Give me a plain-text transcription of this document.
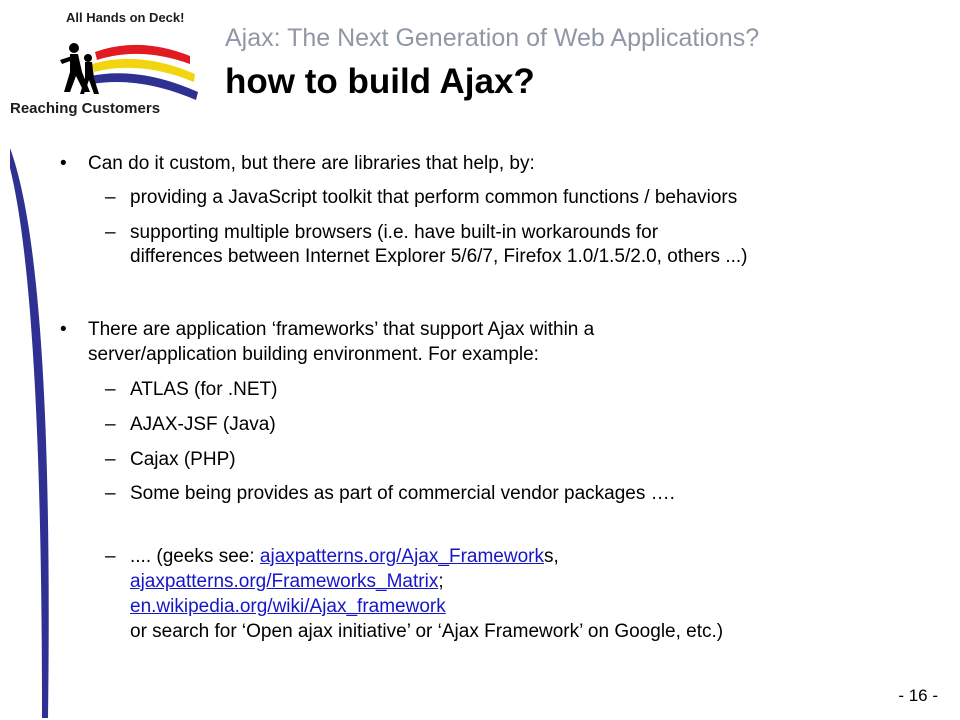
All Hands on Deck!
Reaching Customers
Ajax: The Next Generation of Web Applications?
how to build Ajax?
• Can do it custom, but there are libraries that help, by:
– providing a JavaScript toolkit that perform common functions / behaviors
– supporting multiple browsers (i.e. have built-in workarounds for
differences between Internet Explorer 5/6/7, Firefox 1.0/1.5/2.0, others ...)
• There are application ‘frameworks’ that support Ajax within a
server/application building environment. For example:
– ATLAS (for .NET)
– AJAX-JSF (Java)
– Cajax (PHP)
– Some being provides as part of commercial vendor packages ….
– .... (geeks see: ajaxpatterns.org/Ajax_Frameworks,
ajaxpatterns.org/Frameworks_Matrix;
en.wikipedia.org/wiki/Ajax_framework
or search for ‘Open ajax initiative’ or ‘Ajax Framework’ on Google, etc.)
- 16 -
